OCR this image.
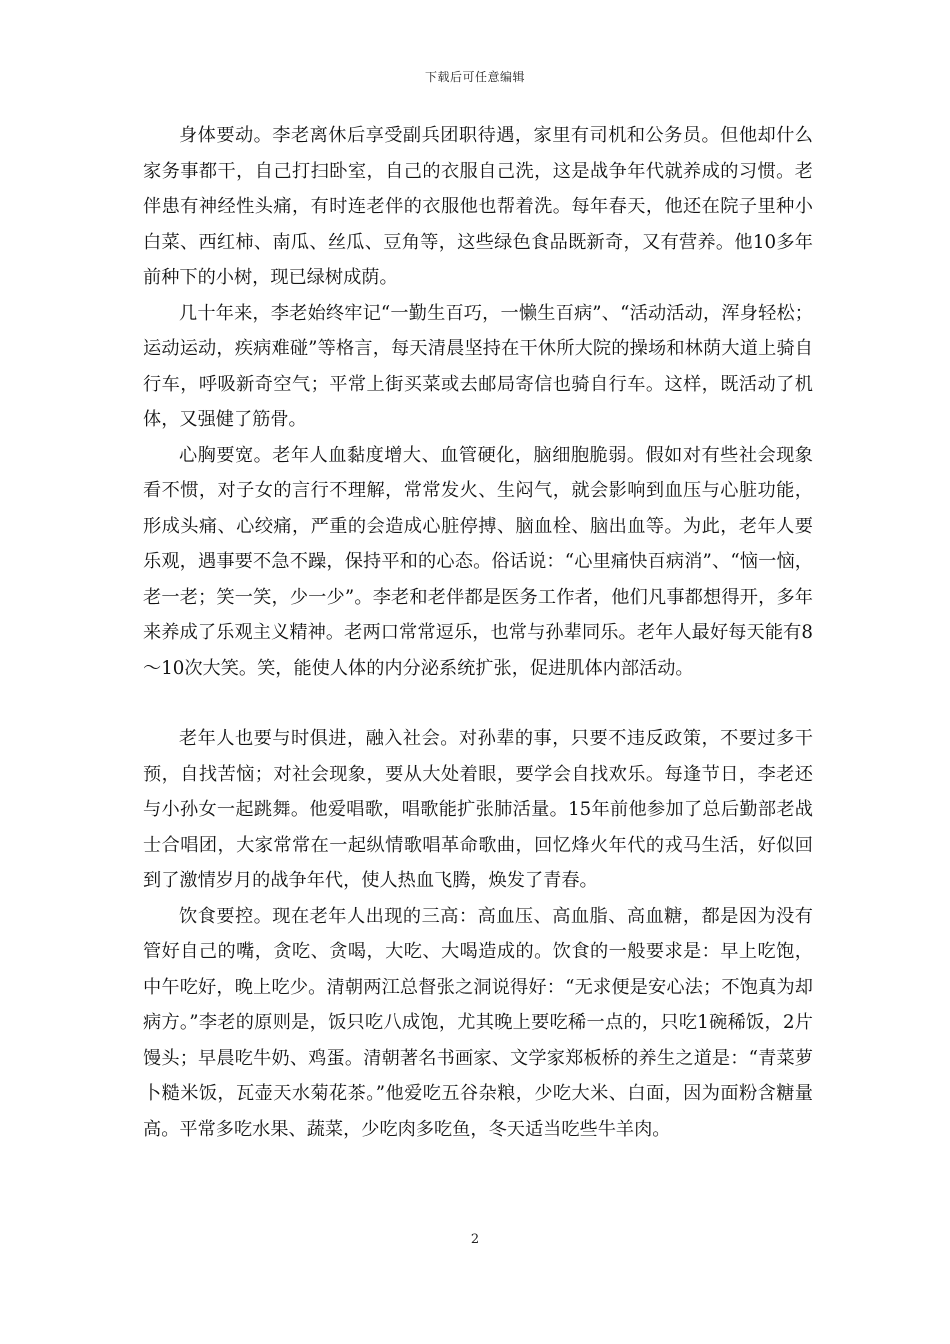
下载后可任意编辑

身体要动。李老离休后享受副兵团职待遇，家里有司机和公务员。但他却什么家务事都干，自己打扫卧室，自己的衣服自己洗，这是战争年代就养成的习惯。老伴患有神经性头痛，有时连老伴的衣服他也帮着洗。每年春天，他还在院子里种小白菜、西红柿、南瓜、丝瓜、豆角等，这些绿色食品既新奇，又有营养。他10多年前种下的小树，现已绿树成荫。

几十年来，李老始终牢记“一勤生百巧，一懒生百病”、“活动活动，浑身轻松；运动运动，疾病难碰”等格言，每天清晨坚持在干休所大院的操场和林荫大道上骑自行车，呼吸新奇空气；平常上街买菜或去邮局寄信也骑自行车。这样，既活动了机体，又强健了筋骨。

心胸要宽。老年人血黏度增大、血管硬化，脑细胞脆弱。假如对有些社会现象看不惯，对子女的言行不理解，常常发火、生闷气，就会影响到血压与心脏功能，形成头痛、心绞痛，严重的会造成心脏停搏、脑血栓、脑出血等。为此，老年人要乐观，遇事要不急不躁，保持平和的心态。俗话说：“心里痛快百病消”、“恼一恼，老一老；笑一笑，少一少”。李老和老伴都是医务工作者，他们凡事都想得开，多年来养成了乐观主义精神。老两口常常逗乐，也常与孙辈同乐。老年人最好每天能有8～10次大笑。笑，能使人体的内分泌系统扩张，促进肌体内部活动。

老年人也要与时俱进，融入社会。对孙辈的事，只要不违反政策，不要过多干预，自找苦恼；对社会现象，要从大处着眼，要学会自找欢乐。每逢节日，李老还与小孙女一起跳舞。他爱唱歌，唱歌能扩张肺活量。15年前他参加了总后勤部老战士合唱团，大家常常在一起纵情歌唱革命歌曲，回忆烽火年代的戎马生活，好似回到了激情岁月的战争年代，使人热血飞腾，焕发了青春。

饮食要控。现在老年人出现的三高：高血压、高血脂、高血糖，都是因为没有管好自己的嘴，贪吃、贪喝，大吃、大喝造成的。饮食的一般要求是：早上吃饱，中午吃好，晚上吃少。清朝两江总督张之洞说得好：“无求便是安心法；不饱真为却病方。”李老的原则是，饭只吃八成饱，尤其晚上要吃稀一点的，只吃1碗稀饭，2片馒头；早晨吃牛奶、鸡蛋。清朝著名书画家、文学家郑板桥的养生之道是：“青菜萝卜糙米饭，瓦壶天水菊花茶。”他爱吃五谷杂粮，少吃大米、白面，因为面粉含糖量高。平常多吃水果、蔬菜，少吃肉多吃鱼，冬天适当吃些牛羊肉。

2
